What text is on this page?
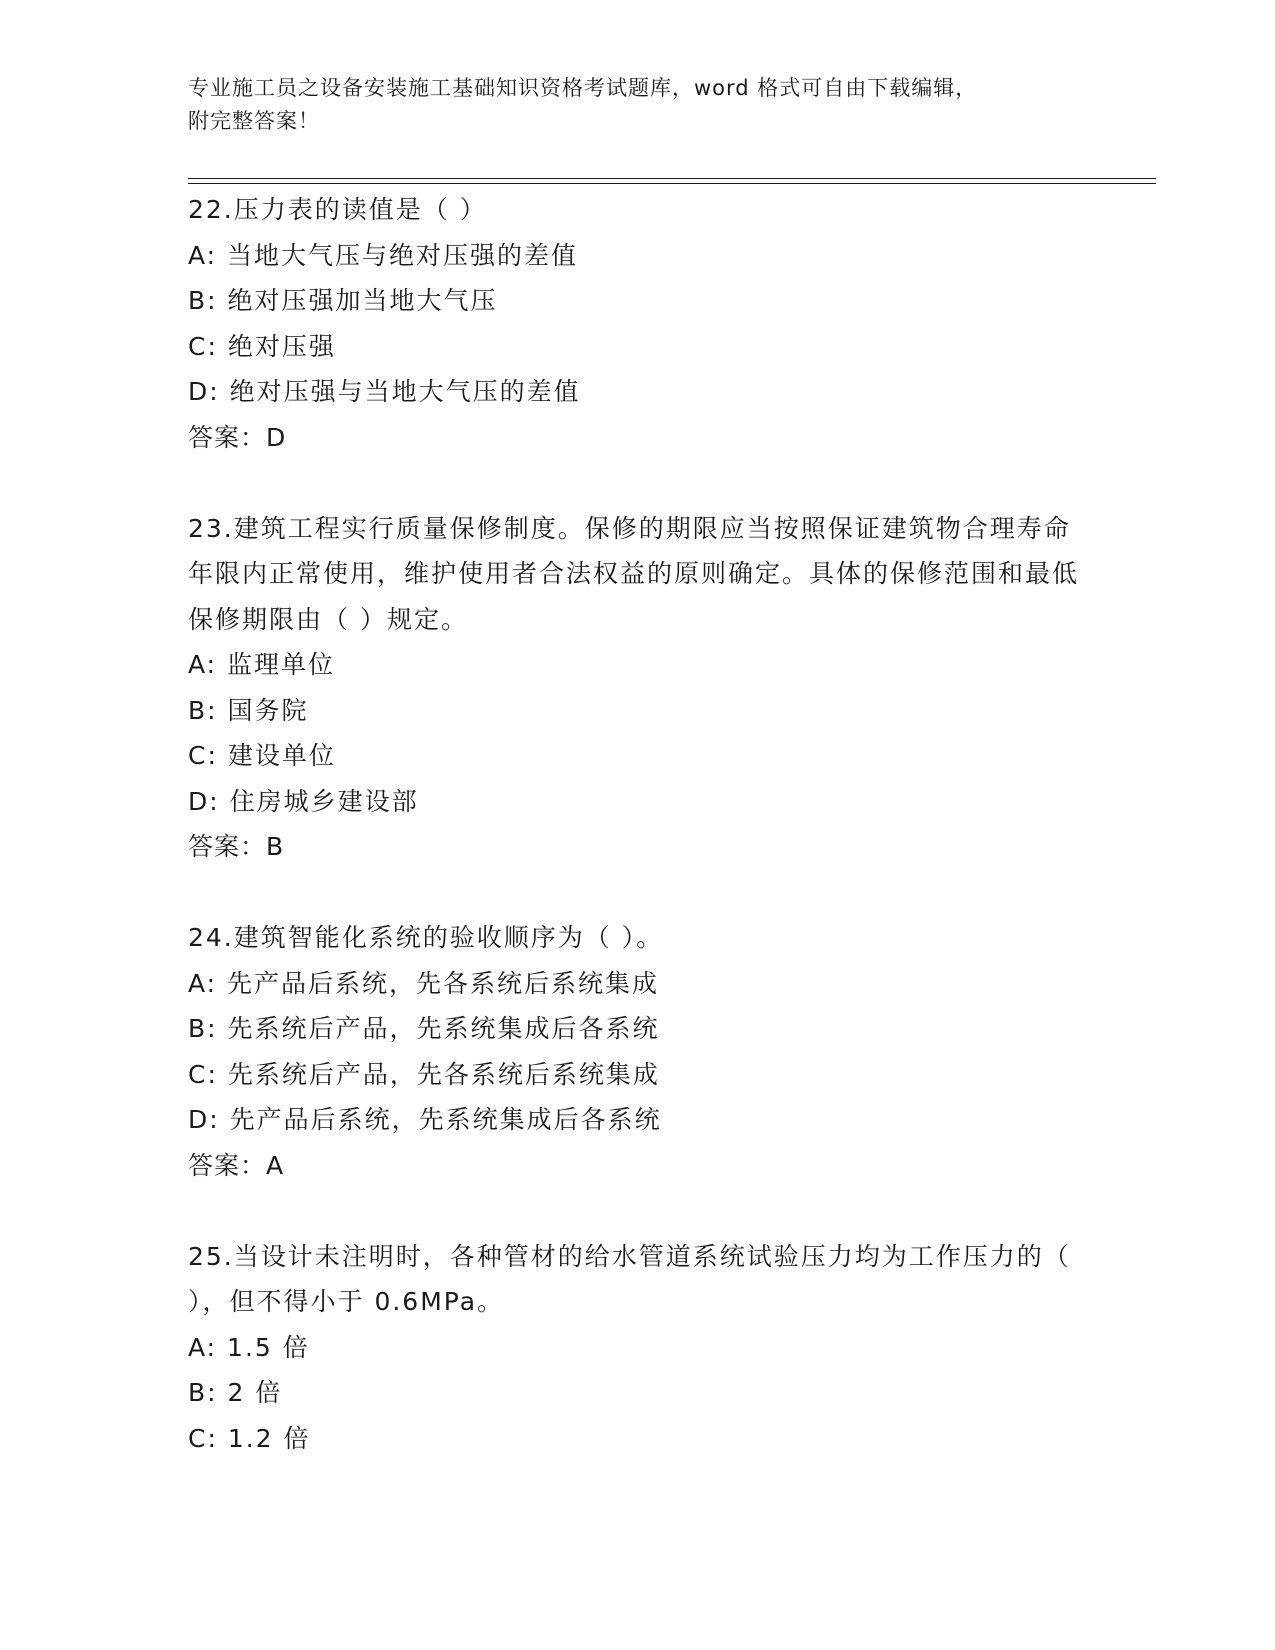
专业施工员之设备安装施工基础知识资格考试题库，word 格式可自由下载编辑，
附完整答案！

22.压力表的读值是（ ）

A: 当地大气压与绝对压强的差值

B: 绝对压强加当地大气压

C: 绝对压强

D: 绝对压强与当地大气压的差值

答案：D

23.建筑工程实行质量保修制度。保修的期限应当按照保证建筑物合理寿命年限内正常使用，维护使用者合法权益的原则确定。具体的保修范围和最低保修期限由（ ）规定。

A: 监理单位

B: 国务院

C: 建设单位

D: 住房城乡建设部

答案：B

24.建筑智能化系统的验收顺序为（ ）。

A: 先产品后系统，先各系统后系统集成

B: 先系统后产品，先系统集成后各系统

C: 先系统后产品，先各系统后系统集成

D: 先产品后系统，先系统集成后各系统

答案：A

25.当设计未注明时，各种管材的给水管道系统试验压力均为工作压力的（ ），但不得小于 0.6MPa。

A: 1.5 倍

B: 2 倍

C: 1.2 倍
